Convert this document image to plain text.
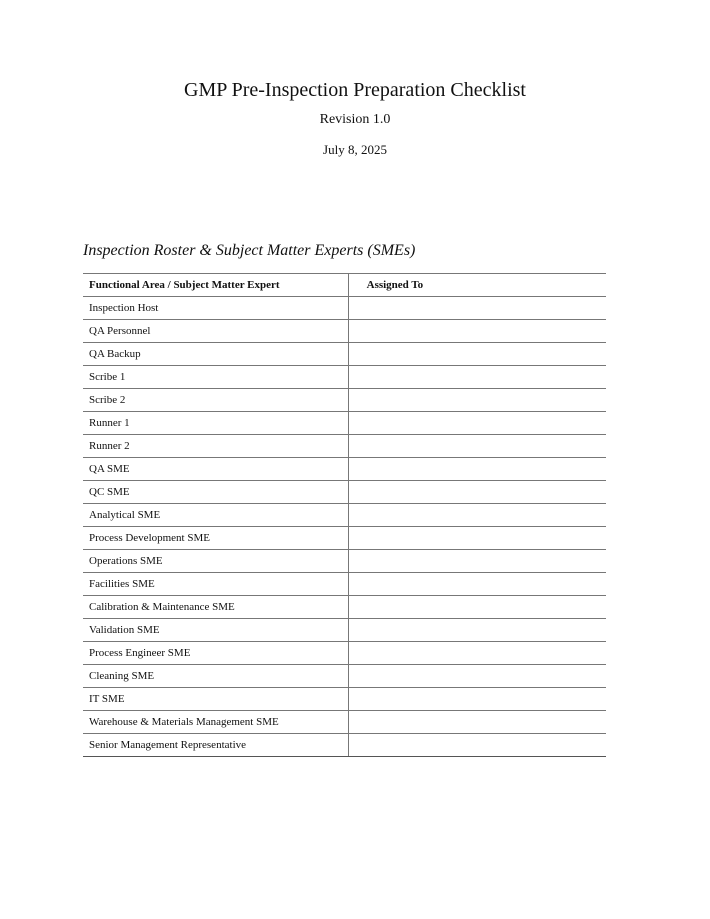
GMP Pre-Inspection Preparation Checklist
Revision 1.0
July 8, 2025
Inspection Roster & Subject Matter Experts (SMEs)
Functional Area / Subject Matter Expert	Assigned To
Inspection Host	
QA Personnel	
QA Backup	
Scribe 1	
Scribe 2	
Runner 1	
Runner 2	
QA SME	
QC SME	
Analytical SME	
Process Development SME	
Operations SME	
Facilities SME	
Calibration & Maintenance SME	
Validation SME	
Process Engineer SME	
Cleaning SME	
IT SME	
Warehouse & Materials Management SME	
Senior Management Representative	
